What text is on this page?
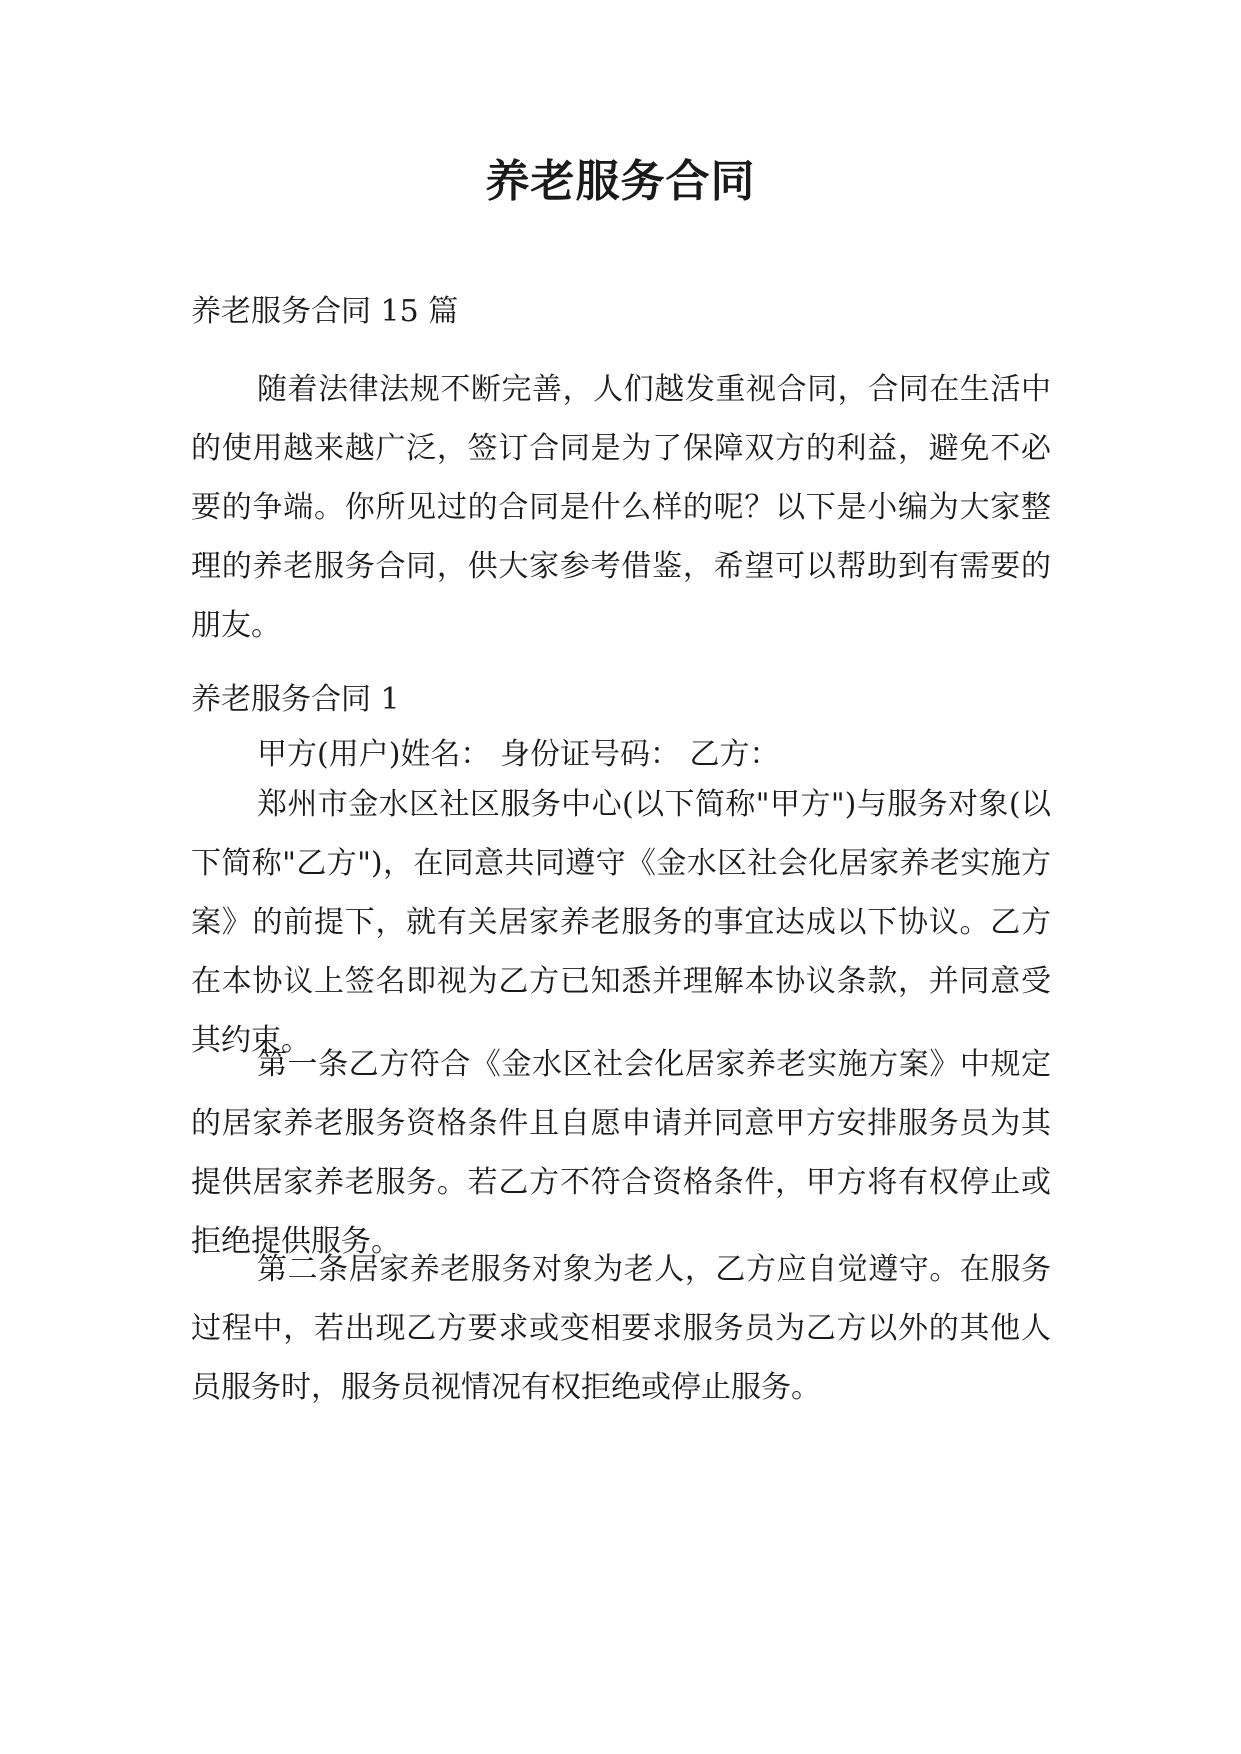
养老服务合同
养老服务合同 15 篇

随着法律法规不断完善，人们越发重视合同，合同在生活中的使用越来越广泛，签订合同是为了保障双方的利益，避免不必要的争端。你所见过的合同是什么样的呢？以下是小编为大家整理的养老服务合同，供大家参考借鉴，希望可以帮助到有需要的朋友。

养老服务合同 1

甲方(用户)姓名： 身份证号码： 乙方：

郑州市金水区社区服务中心(以下简称"甲方")与服务对象(以下简称"乙方")，在同意共同遵守《金水区社会化居家养老实施方案》的前提下，就有关居家养老服务的事宜达成以下协议。乙方在本协议上签名即视为乙方已知悉并理解本协议条款，并同意受其约束。

第一条乙方符合《金水区社会化居家养老实施方案》中规定的居家养老服务资格条件且自愿申请并同意甲方安排服务员为其提供居家养老服务。若乙方不符合资格条件，甲方将有权停止或拒绝提供服务。

第二条居家养老服务对象为老人，乙方应自觉遵守。在服务过程中，若出现乙方要求或变相要求服务员为乙方以外的其他人员服务时，服务员视情况有权拒绝或停止服务。
